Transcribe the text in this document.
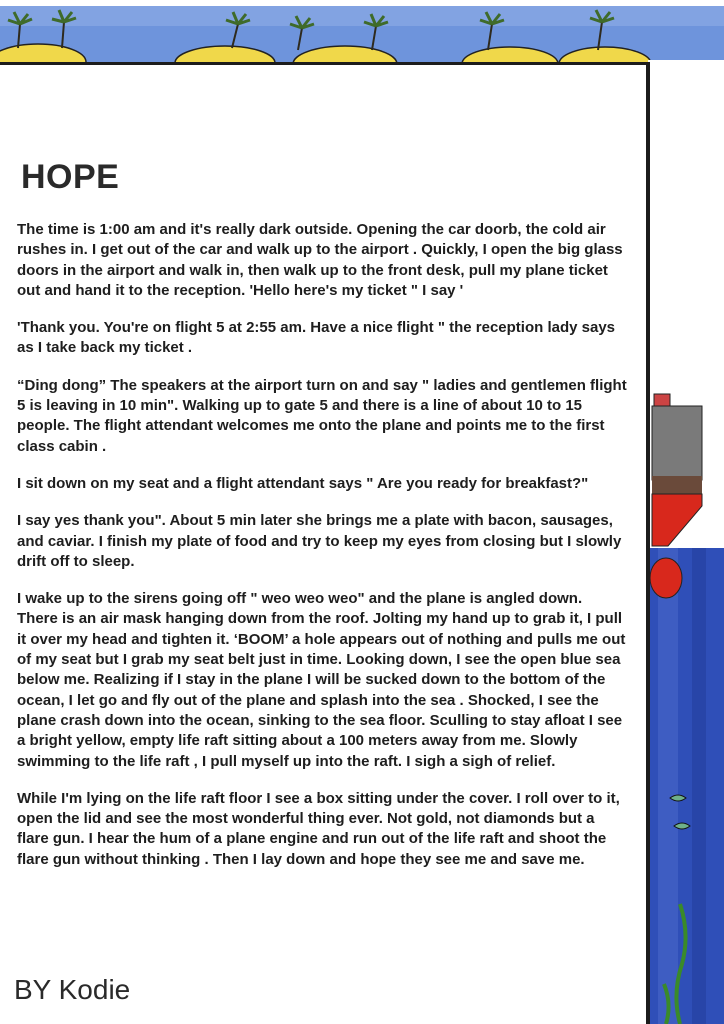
HOPE

The time is 1:00 am and it's really dark outside. Opening the car doorb, the cold air rushes in. I get out of the car and walk up to the airport . Quickly, I open the big glass doors in the airport and walk in, then walk up to the front desk, pull my plane ticket out and hand it to the reception. 'Hello here's my ticket " I say '

'Thank you. You're on flight 5 at 2:55 am. Have a nice flight " the reception lady says as I take back my ticket .

“Ding dong” The speakers at the airport turn on and say " ladies and gentlemen flight 5 is leaving in 10 min". Walking up to gate 5 and there is a line of about 10 to 15 people. The flight attendant welcomes me onto the plane and points me to the first class cabin .

I sit down on my seat and a flight attendant says " Are you ready for breakfast?"

I say yes thank you". About 5 min later she brings me a plate with bacon, sausages, and caviar. I finish my plate of food and try to keep my eyes from closing but I slowly drift off to sleep.

I wake up to the sirens going off " weo weo weo" and the plane is angled down. There is an air mask hanging down from the roof. Jolting my hand up to grab it, I pull it over my head and tighten it. ‘BOOM’ a hole appears out of nothing and pulls me out of my seat but I grab my seat belt just in time. Looking down, I see the open blue sea below me. Realizing if I stay in the plane I will be sucked down to the bottom of the ocean, I let go and fly out of the plane and splash into the sea . Shocked, I see the plane crash down into the ocean, sinking to the sea floor. Sculling to stay afloat I see a bright yellow, empty life raft sitting about a 100 meters away from me. Slowly swimming to the life raft , I pull myself up into the raft. I sigh a sigh of relief.

While I'm lying on the life raft floor I see a box sitting under the cover. I roll over to it, open the lid and see the most wonderful thing ever. Not gold, not diamonds but a flare gun. I hear the hum of a plane engine and run out of the life raft and shoot the flare gun without thinking . Then I lay down and hope they see me and save me.

BY Kodie
